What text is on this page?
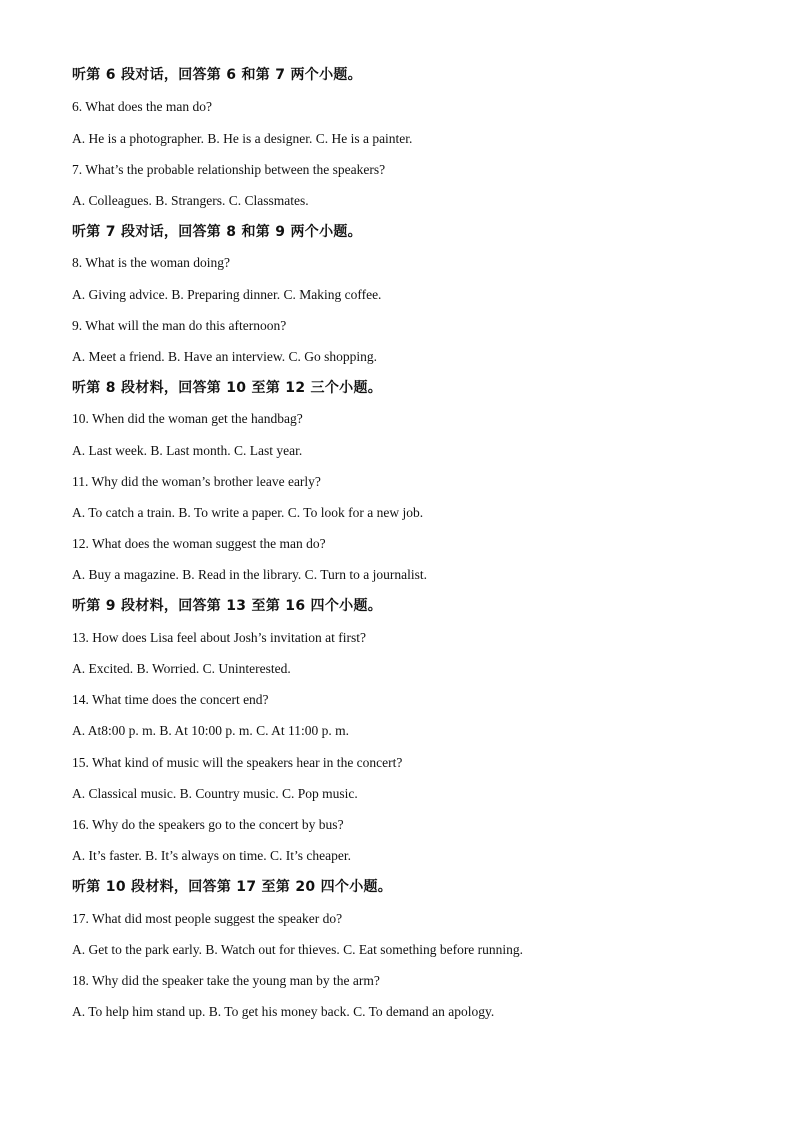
听第 6 段对话，回答第 6 和第 7 两个小题。
6. What does the man do?
A. He is a photographer. B. He is a designer. C. He is a painter.
7. What’s the probable relationship between the speakers?
A. Colleagues. B. Strangers. C. Classmates.
听第 7 段对话，回答第 8 和第 9 两个小题。
8. What is the woman doing?
A. Giving advice. B. Preparing dinner. C. Making coffee.
9. What will the man do this afternoon?
A. Meet a friend. B. Have an interview. C. Go shopping.
听第 8 段材料，回答第 10 至第 12 三个小题。
10. When did the woman get the handbag?
A. Last week. B. Last month. C. Last year.
11. Why did the woman’s brother leave early?
A. To catch a train. B. To write a paper. C. To look for a new job.
12. What does the woman suggest the man do?
A. Buy a magazine. B. Read in the library. C. Turn to a journalist.
听第 9 段材料，回答第 13 至第 16 四个小题。
13. How does Lisa feel about Josh’s invitation at first?
A. Excited. B. Worried. C. Uninterested.
14. What time does the concert end?
A. At8:00 p. m. B. At 10:00 p. m. C. At 11:00 p. m.
15. What kind of music will the speakers hear in the concert?
A. Classical music. B. Country music. C. Pop music.
16. Why do the speakers go to the concert by bus?
A. It’s faster. B. It’s always on time. C. It’s cheaper.
听第 10 段材料，回答第 17 至第 20 四个小题。
17. What did most people suggest the speaker do?
A. Get to the park early. B. Watch out for thieves. C. Eat something before running.
18. Why did the speaker take the young man by the arm?
A. To help him stand up. B. To get his money back. C. To demand an apology.
